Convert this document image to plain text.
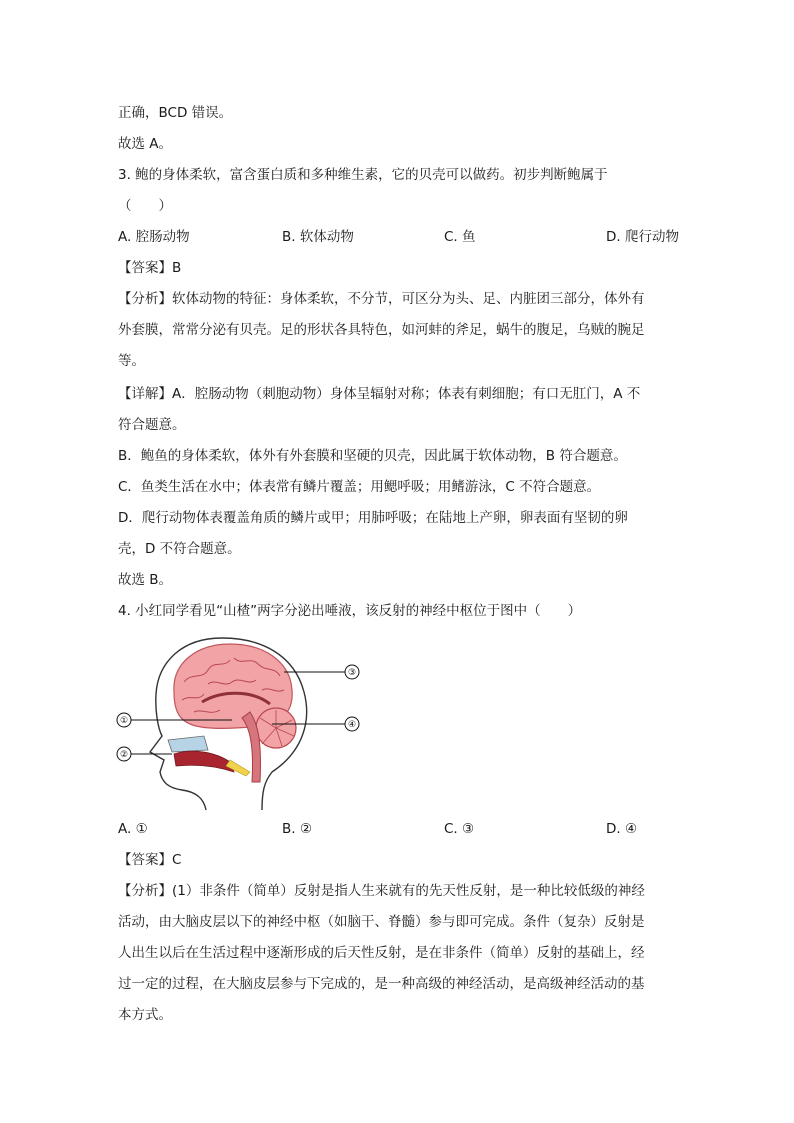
正确，BCD 错误。
故选 A。
3. 鲍的身体柔软，富含蛋白质和多种维生素，它的贝壳可以做药。初步判断鲍属于
（　　）
A. 腔肠动物	B. 软体动物	C. 鱼	D. 爬行动物
【答案】B
【分析】软体动物的特征：身体柔软，不分节，可区分为头、足、内脏团三部分，体外有
外套膜，常常分泌有贝壳。足的形状各具特色，如河蚌的斧足，蜗牛的腹足，乌贼的腕足
等。
【详解】A．腔肠动物（刺胞动物）身体呈辐射对称；体表有刺细胞；有口无肛门，A 不
符合题意。
B．鲍鱼的身体柔软，体外有外套膜和坚硬的贝壳，因此属于软体动物，B 符合题意。
C．鱼类生活在水中；体表常有鳞片覆盖；用鳃呼吸；用鳍游泳，C 不符合题意。
D．爬行动物体表覆盖角质的鳞片或甲；用肺呼吸；在陆地上产卵，卵表面有坚韧的卵
壳，D 不符合题意。
故选 B。
4. 小红同学看见“山楂”两字分泌出唾液，该反射的神经中枢位于图中（　　）
①
②
③
④
A. ①	B. ②	C. ③	D. ④
【答案】C
【分析】(1）非条件（简单）反射是指人生来就有的先天性反射，是一种比较低级的神经
活动，由大脑皮层以下的神经中枢（如脑干、脊髓）参与即可完成。条件（复杂）反射是
人出生以后在生活过程中逐渐形成的后天性反射，是在非条件（简单）反射的基础上，经
过一定的过程，在大脑皮层参与下完成的，是一种高级的神经活动，是高级神经活动的基
本方式。
